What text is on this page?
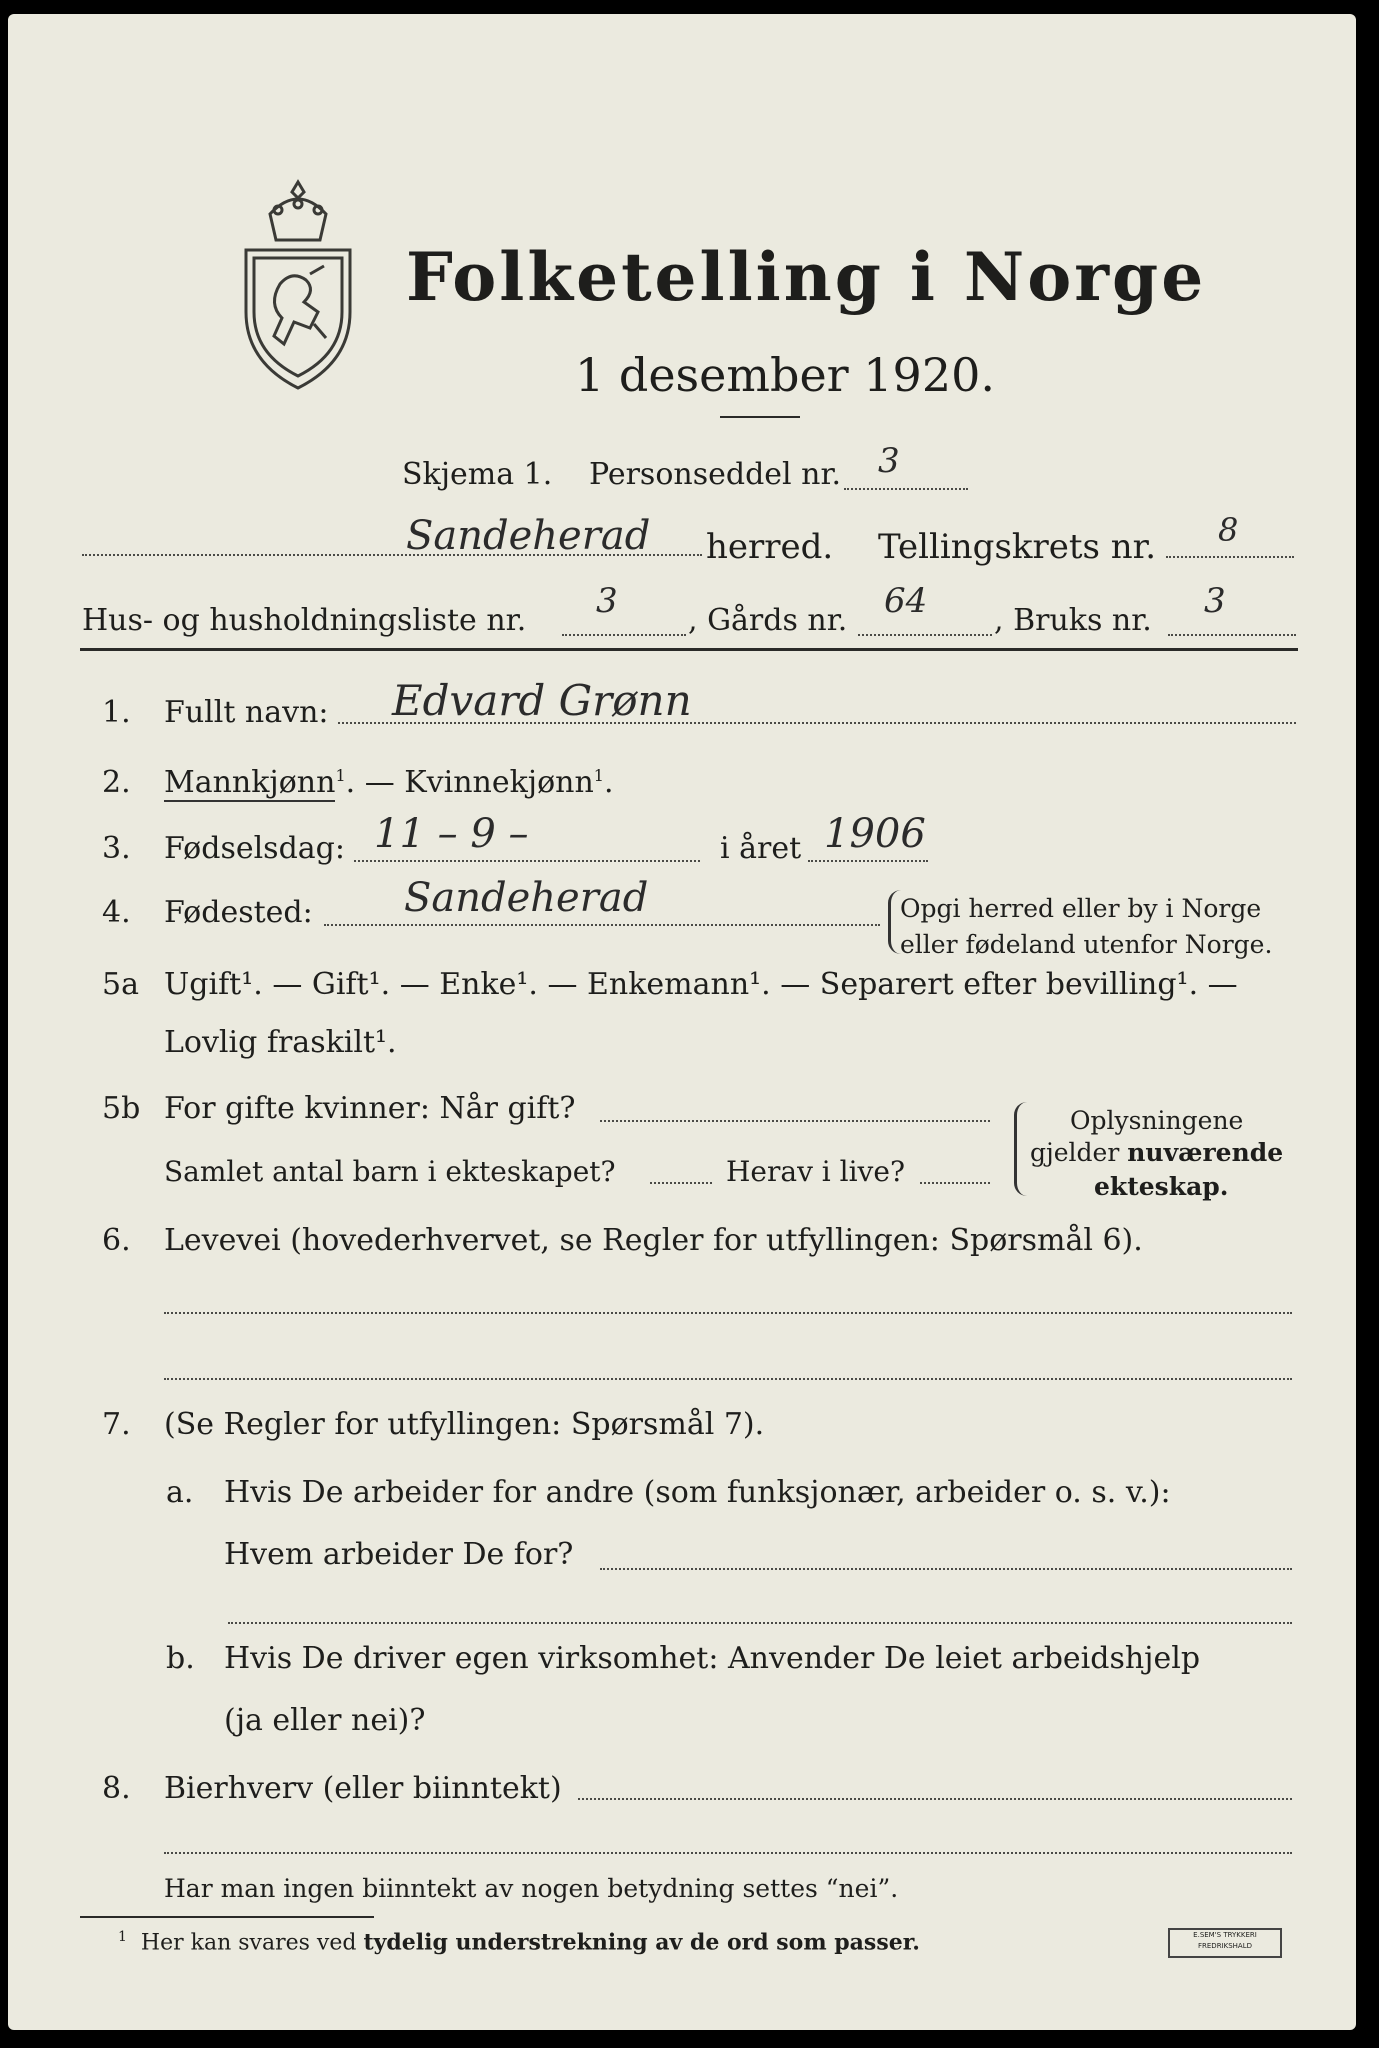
Folketelling i Norge
1 desember 1920.
Skjema 1. Personseddel nr. 3
Sandeherad herred. Tellingskrets nr. 8
Hus- og husholdningsliste nr. 3 , Gårds nr. 64 , Bruks nr. 3
1. Fullt navn: Edvard Grønn
2. Mannkjønn$^1$. — Kvinnekjønn$^1$.
3. Fødselsdag: 11 – 9 –	i året 1906
4. Fødested: Sandeherad	Opgi herred eller by i Norge
eller fødeland utenfor Norge.
5a Ugift¹. — Gift¹. — Enke¹. — Enkemann¹. — Separert efter bevilling¹. —
Lovlig fraskilt¹.
5b For gifte kvinner: Når gift?
Samlet antal barn i ekteskapet?	Herav i live?
Oplysningene
gjelder nuværende
ekteskap.
6. Levevei (hovederhvervet, se Regler for utfyllingen: Spørsmål 6).
7. (Se Regler for utfyllingen: Spørsmål 7).
a. Hvis De arbeider for andre (som funksjonær, arbeider o. s. v.):
Hvem arbeider De for?
b. Hvis De driver egen virksomhet: Anvender De leiet arbeidshjelp
(ja eller nei)?
8. Bierhverv (eller biinntekt)
Har man ingen biinntekt av nogen betydning settes “nei”.
$^1$ Her kan svares ved tydelig understrekning av de ord som passer.	E.SEM'S TRYKKERI
FREDRIKSHALD
